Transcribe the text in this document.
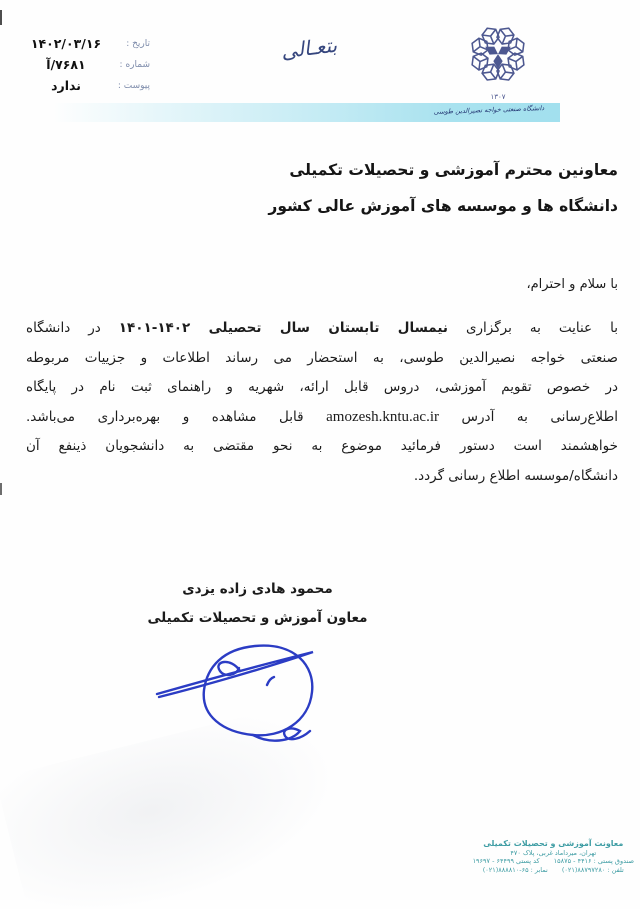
تاریخ :
۱۴۰۲/۰۳/۱۶
شماره :
۷۶۸۱/آ
پیوست :
ندارد
بتعـالی
۱۳۰۷
دانشگاه صنعتی خواجه نصیرالدین طوسی
معاونین محترم آموزشی و تحصیلات تکمیلی
دانشگاه ها و موسسه های آموزش عالی کشور
با سلام و احترام،
با عنایت به برگزاری نیمسال تابستان سال تحصیلی ۱۴۰۲-۱۴۰۱ در دانشگاه
صنعتی خواجه نصیرالدین طوسی، به استحضار می رساند اطلاعات و جزییات مربوطه
در خصوص تقویم آموزشی، دروس قابل ارائه، شهریه و راهنمای ثبت نام در پایگاه
اطلاع‌رسانی به آدرس amozesh.kntu.ac.ir قابل مشاهده و بهره‌برداری می‌باشد.
خواهشمند است دستور فرمائید موضوع به نحو مقتضی به دانشجویان ذینفع آن
دانشگاه/موسسه اطلاع رسانی گردد.
محمود هادی زاده یزدی
معاون آموزش و تحصیلات تکمیلی
معاونت آموزشی و تحصیلات تکمیلی
تهران، میرداماد غربی، پلاک ۴۷۰
صندوق پستی : ۴۴۱۶ - ۱۵۸۷۵کد پستی ۶۴۴۹۹ - ۱۹۶۹۷
تلفن : ۸۸۷۹۷۲۸۰(۰۲۱)نمابر : ۶۵-۸۸۸۸۱۰(۰۲۱)
